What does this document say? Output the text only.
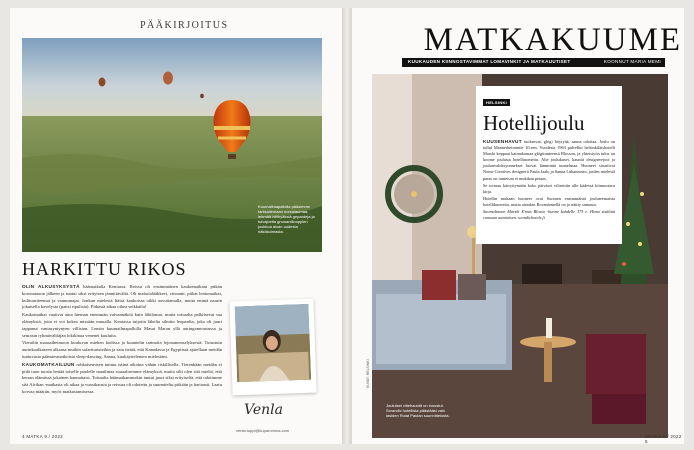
PÄÄKIRJOITUS
Kuumailmapallolla pääsimme tarkkailemaan norsulaumaa, lehmää hiilihyäksiä gepardeja ja tulvajoelta gnuuantilooppien joukkoa aivan uudesta näkökulmasta.
HARKITTU RIKOS

OLIN ALKUSYKSYSTÄ häämatkalla Keniassa. Reissu oli ensimmäinen kaukomatkani pitkän koronatauon jälkeen ja tuntui siksi erityisen jännittävältä. Oli malarialääkkeet, viisumit, pitkät lentomatkat, kulttuuriteemat ja vaunumajat. Jonkun mielestä Itäisä kaukoissa oikki aavuttamalla, mutta emmä naurin jokaisella kavelysta (paitsi ripulista). Pitkästä aikaa oikea seikkailu!

Kaukomatkat vaativat aina hieman enemmän vaivannäköä kuin lähilomat, mutta toisaalta palkitsevat saa elämyksiä, joita ei voi kokea missään muualla. Keniassa tuijotin lähelta silmiin leopardia, joka oli juuri tappanut vaniasyntynyen villisian. Lensin kuumailmapallolla Masai Maran yllä auringonnousussa ja seurasin ryhmävälttäjän lokikinaa venenei kuuluita.

Vierailin maasaiheimoon kuuluvan miehen kodissa ja kuuntelin tarinoita lejonamenselyksestä. Tutustuin aurinkoalkaseen alkaasa muihin safarituristeihin ja sain tietää, että Kanadassa ja Egyptissä ajatellaan meidän tuntuvasta päämiesmatkoista sleep-dancing. Sanna, kuukäyttelemen mielestäni.

KAUKOMATKAILUUN rohkaisemisen tuntuu näinä aikoina vähän riskillisella. Tietenkään meidän ei pidä tuon tuosta lentää toiselle puolelle maailmaa suuaalisemme elämyksiä, mutta silti olen sitä mieltä, että kerran elämässä jokainen kannattaisi. Toisaalta häämatkammekin tuntui juuri siksi erityiseltä, että odotimme sitä Afrikan -matkasta oli aikaa ja vuosikausia ja reissua oli odotettu ja suunniteltu pitkään ja hartaasti. Laatu korvaa määrän, myös matkustamisessa.

Venla
venla.tuppi@kuparomma.com
4 MATKA 9 / 2022
MATKAKUUME
KUUKAUDEN KIINNOSTAVIMMAT LOMAVINKIT JA MATKAUUTISET	KOONNUT MARIA MEMI
HELSINKI
Hotellijoulu

KUUSENHAVUT tuoksuvat, glögi höyryää, sauna odottaa. Joulu on tullut Mannerheimintie 10:een. Vuodesta 1963 palvellut helsinkiläishotelli Marski keppaat kaimakomaa glögitunteensä Blosson, ja yhteistyön tulos on koome joulusta hotelliuomettu. Alte joulukuset, kauniit designerejoot ja joulunvaloksyonnekset luovat lämmintä tunnelmaa. Huoneet sisustivat Nome Creatives designerit Paula Jaalo ja Sanna Luhanisemi, joiden mielestä paras on tunteisaa ei mukikaa petaas.

Se toimuu kärryttymään koko päiväsei vilisettiin alle kädessä kiinnostava kirja.

Hotellin mukaan huoneet ovat Suomen ensimmäisiä jouluteemaisia hotellihuoneita, mutta aitaakin Rovaniemellä on jo näitty samasta.

Suomalinnen Marski X'mas Blosso -huone kahdelle 375 e. Hinta sisältää runsaan aamiaisen. scandichotels.fi

Jouluiset viitehauntit on innostut. Scrandic hotellista päästääsi vain lasiden Ruiat Paulan suunnittelusta.
KUVAT: HELSINKI
MATKA 9 / 2022 5
